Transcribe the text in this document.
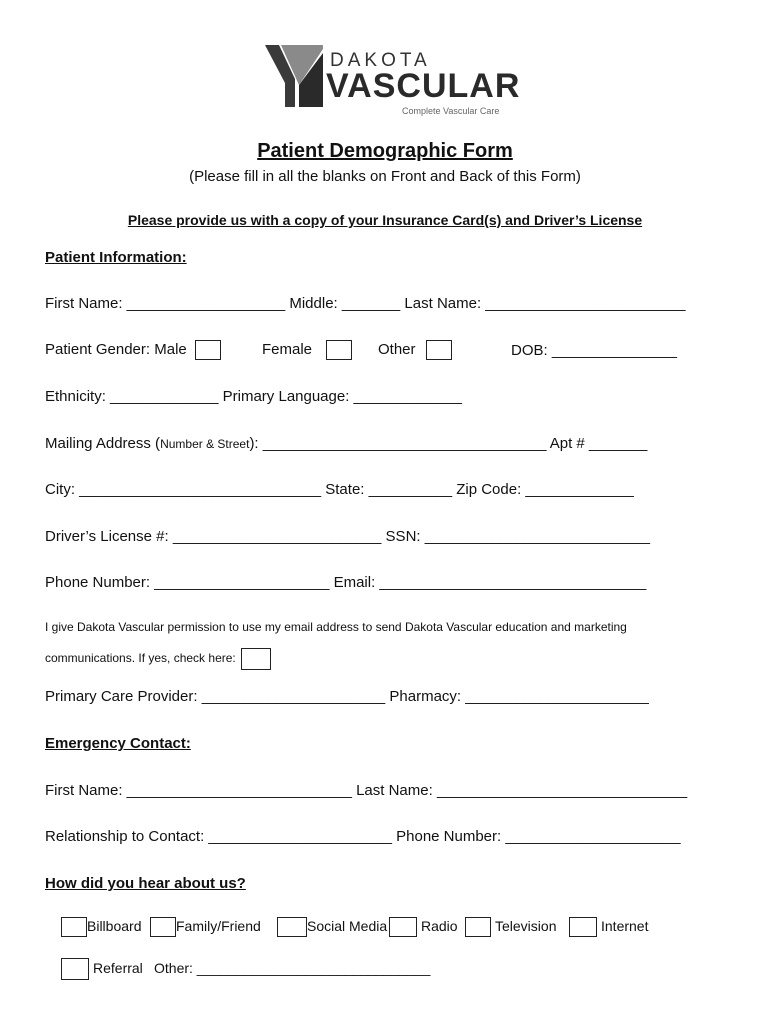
DAKOTA
VASCULAR
Complete Vascular Care
Patient Demographic Form
(Please fill in all the blanks on Front and Back of this Form)
Please provide us with a copy of your Insurance Card(s) and Driver’s License
Patient Information:
First Name: ___________________ Middle: _______ Last Name: ________________________
Patient Gender: Male	Female	Other	DOB: _______________
Ethnicity: _____________ Primary Language: _____________
Mailing Address (Number & Street): __________________________________ Apt # _______
City: _____________________________ State: __________ Zip Code: _____________
Driver’s License #: _________________________ SSN: ___________________________
Phone Number: _____________________ Email: ________________________________
I give Dakota Vascular permission to use my email address to send Dakota Vascular education and marketing
communications. If yes, check here:
Primary Care Provider: ______________________ Pharmacy: ______________________
Emergency Contact:
First Name: ___________________________ Last Name: ______________________________
Relationship to Contact: ______________________ Phone Number: _____________________
How did you hear about us?
Billboard	Family/Friend	Social Media	Radio	Television	Internet
Referral Other: ______________________________
